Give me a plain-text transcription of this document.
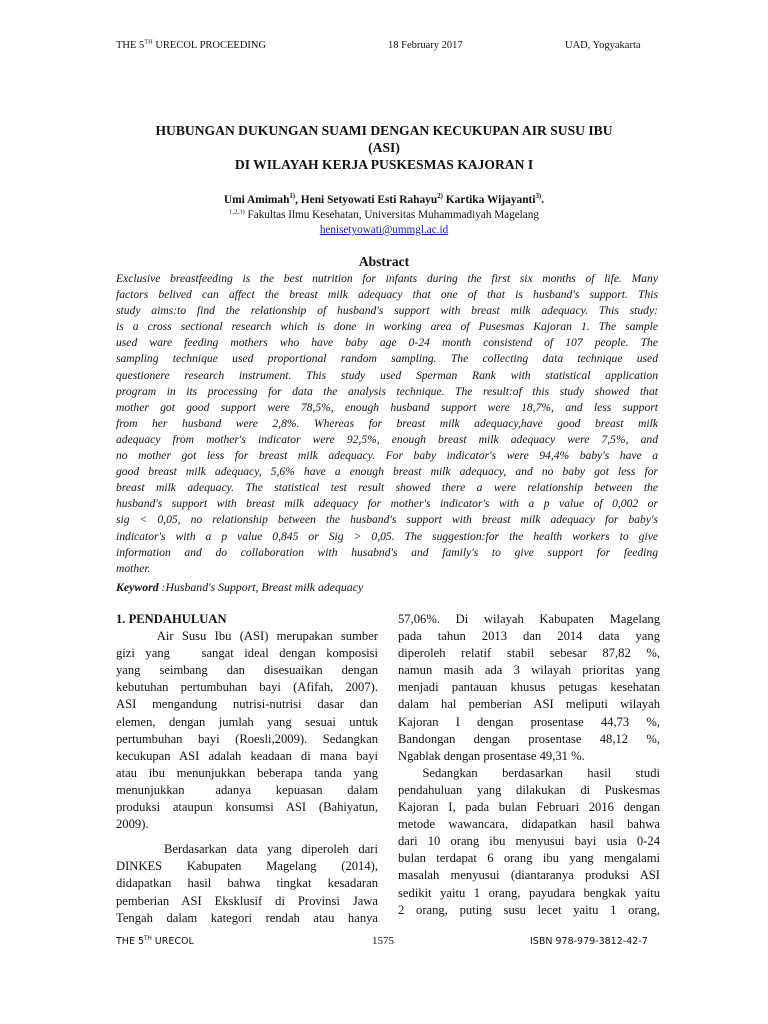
THE 5TH URECOL PROCEEDING	18 February 2017	UAD, Yogyakarta
HUBUNGAN DUKUNGAN SUAMI DENGAN KECUKUPAN AIR SUSU IBU
(ASI)
DI WILAYAH KERJA PUSKESMAS KAJORAN I
Umi Amimah$^{1)}$, Heni Setyowati Esti Rahayu$^{2)}$ Kartika Wijayanti$^{3)}$.
$^{1,2,3)}$ Fakultas Ilmu Kesehatan, Universitas Muhammadiyah Magelang
henisetyowati@ummgl.ac.id
Abstract
Exclusive breastfeeding is the best nutrition for infants during the first six months of life. Many
factors belived can affect the breast milk adequacy that one of that is husband's support. This
study aims:to find the relationship of husband's support with breast milk adequacy. This study:
is a cross sectional research which is done in working area of Pusesmas Kajoran 1. The sample
used ware feeding mothers who have baby age 0-24 month consistend of 107 people. The
sampling technique used proportional random sampling. The collecting data technique used
questionere research instrument. This study used Sperman Rank with statistical application
program in its processing for data the analysis technique. The result:of this study showed that
mother got good support were 78,5%, enough husband support were 18,7%, and less support
from her husband were 2,8%. Whereas for breast milk adequacy,have good breast milk
adequacy from mother's indicator were 92,5%, enough breast milk adequacy were 7,5%, and
no mother got less for breast milk adequacy. For baby indicator's were 94,4% baby's have a
good breast milk adequacy, 5,6% have a enough breast milk adequacy, and no baby got less for
breast milk adequacy. The statistical test result showed there a were relationship between the
husband's support with breast milk adequacy for mother's indicator's with a p value of 0,002 or
sig < 0,05, no relationship between the husband's support with breast milk adequacy for baby's
indicator's with a p value 0,845 or Sig > 0,05. The suggestion:for the health workers to give
information and do collaboration with husabnd's and family's to give support for feeding
mother.
Keyword :Husband's Support, Breast milk adequacy
1. PENDAHULUAN
Air Susu Ibu (ASI) merupakan sumber
gizi yang   sangat ideal dengan komposisi
yang seimbang dan disesuaikan dengan
kebutuhan pertumbuhan bayi (Afifah, 2007).
ASI mengandung nutrisi-nutrisi dasar dan
elemen, dengan jumlah yang sesuai untuk
pertumbuhan bayi (Roesli,2009). Sedangkan
kecukupan ASI adalah keadaan di mana bayi
atau ibu menunjukkan beberapa tanda yang
menunjukkan     adanya    kepuasan    dalam
produksi ataupun konsumsi ASI (Bahiyatun,
2009).
Berdasarkan data yang diperoleh dari
DINKES    Kabupaten    Magelang    (2014),
didapatkan hasil bahwa tingkat kesadaran
pemberian ASI Eksklusif di Provinsi Jawa
Tengah dalam kategori rendah atau hanya
57,06%. Di wilayah Kabupaten Magelang
pada tahun 2013 dan 2014 data yang
diperoleh relatif stabil sebesar 87,82 %,
namun masih ada 3 wilayah prioritas yang
menjadi pantauan khusus petugas kesehatan
dalam hal pemberian ASI meliputi wilayah
Kajoran I dengan prosentase 44,73 %,
Bandongan dengan prosentase 48,12 %,
Ngablak dengan prosentase 49,31 %.
Sedangkan     berdasarkan     hasil     studi
pendahuluan yang dilakukan di Puskesmas
Kajoran I, pada bulan Februari 2016 dengan
metode wawancara, didapatkan hasil bahwa
dari 10 orang ibu menyusui bayi usia 0-24
bulan terdapat 6 orang ibu yang mengalami
masalah menyusui (diantaranya produksi ASI
sedikit yaitu 1 orang, payudara bengkak yaitu
2 orang, puting susu lecet yaitu 1 orang,
THE 5TH URECOL	1575	ISBN 978-979-3812-42-7
